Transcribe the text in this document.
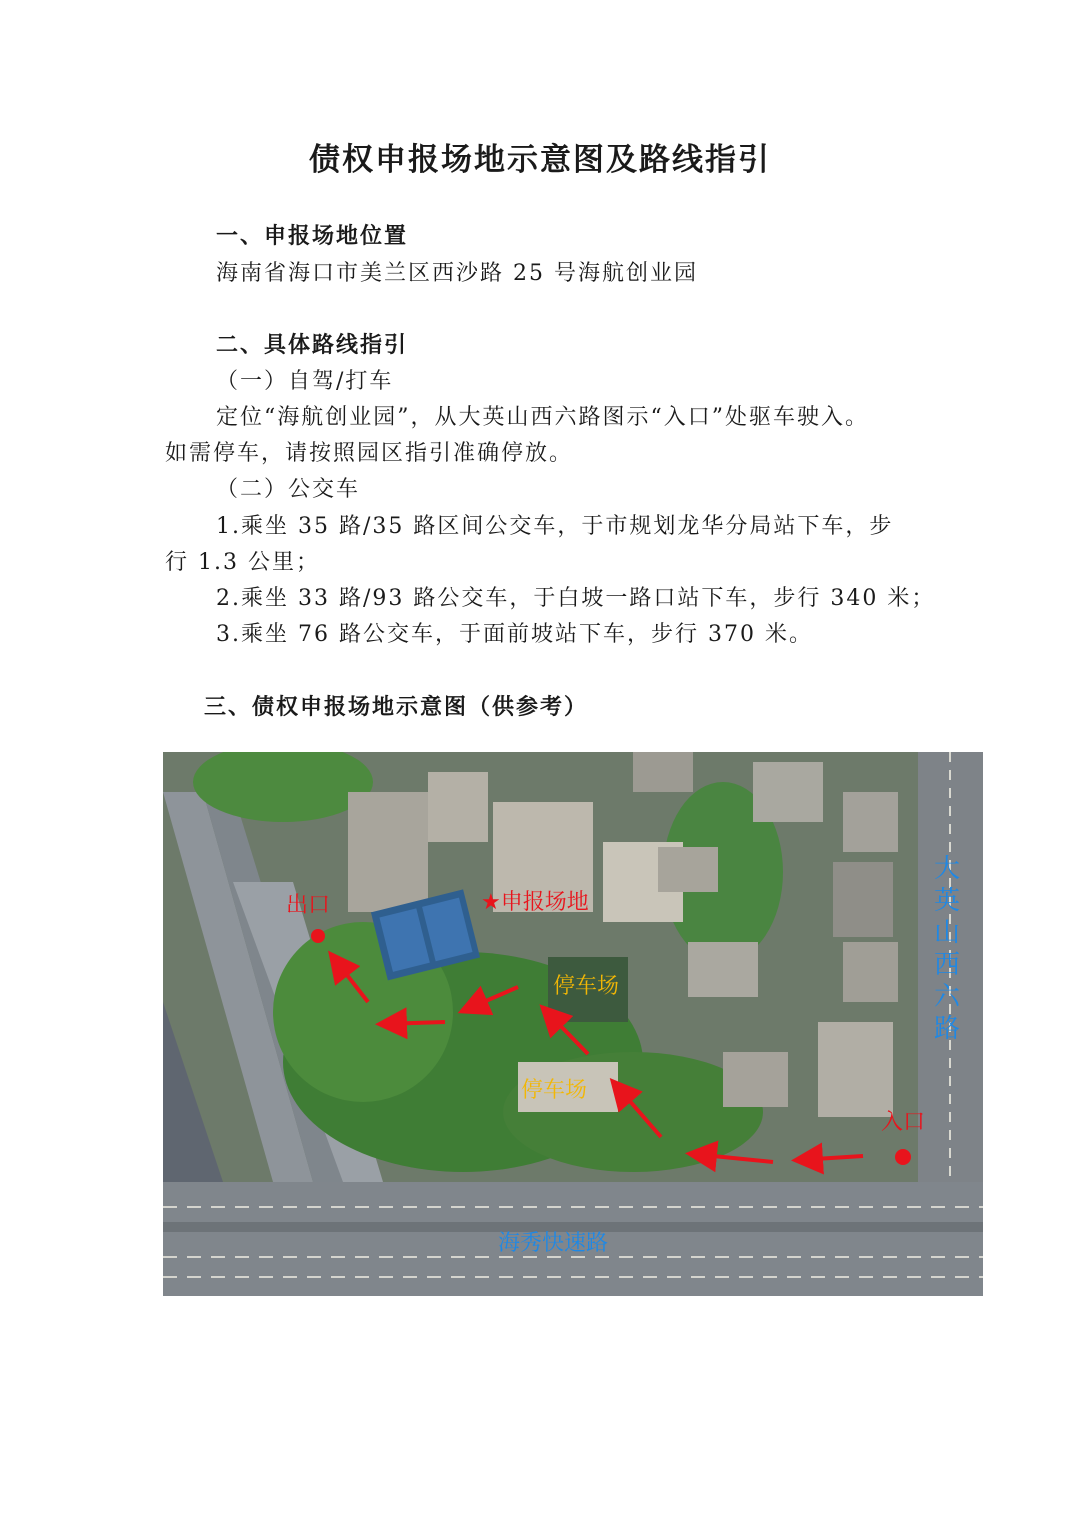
债权申报场地示意图及路线指引
一、申报场地位置
海南省海口市美兰区西沙路 25 号海航创业园
二、具体路线指引
（一）自驾/打车
定位“海航创业园”，从大英山西六路图示“入口”处驱车驶入。
如需停车，请按照园区指引准确停放。
（二）公交车
1.乘坐 35 路/35 路区间公交车，于市规划龙华分局站下车，步
行 1.3 公里；
2.乘坐 33 路/93 路公交车，于白坡一路口站下车，步行 340 米；
3.乘坐 76 路公交车，于面前坡站下车，步行 370 米。
三、债权申报场地示意图（供参考）
出口	★申报场地
停车场
停车场
入口
大
英
山
西
六
路
海秀快速路
